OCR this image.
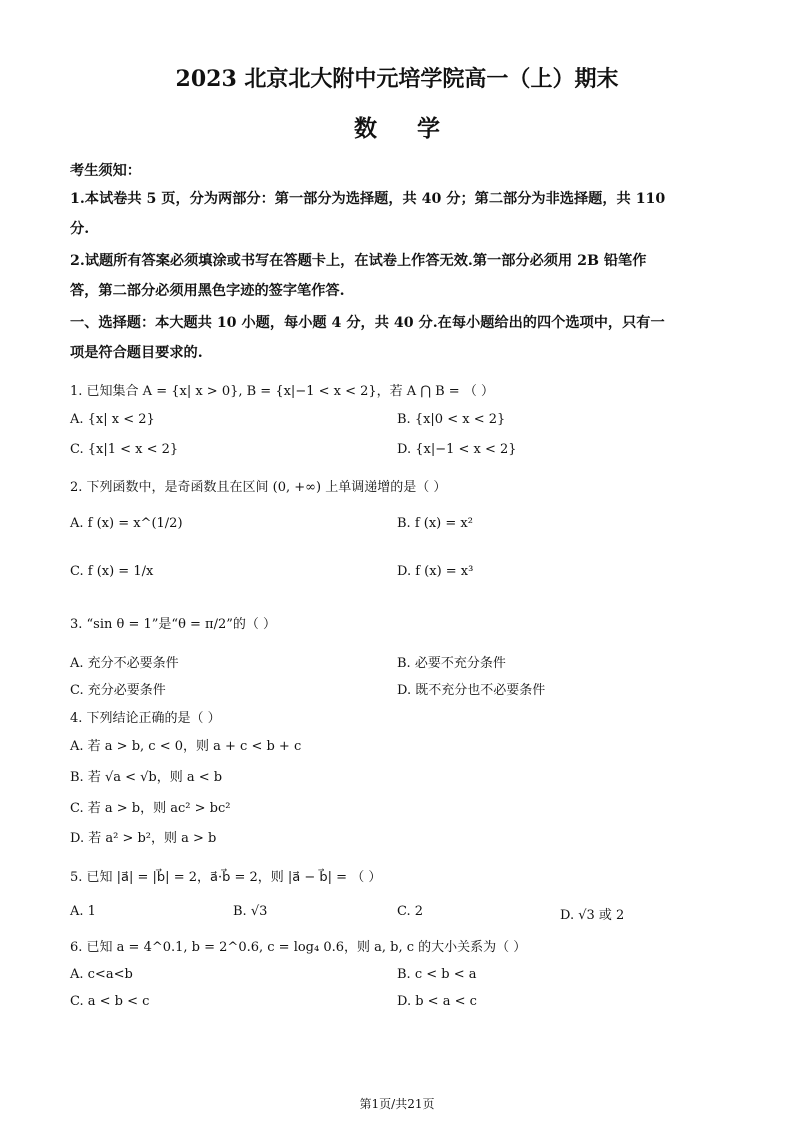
2023 北京北大附中元培学院高一（上）期末
数学
考生须知：
1.本试卷共 5 页，分为两部分：第一部分为选择题，共 40 分；第二部分为非选择题，共 110
分.
2.试题所有答案必须填涂或书写在答题卡上，在试卷上作答无效.第一部分必须用 2B 铅笔作
答，第二部分必须用黑色字迹的签字笔作答.
一、选择题：本大题共 10 小题，每小题 4 分，共 40 分.在每小题给出的四个选项中，只有一
项是符合题目要求的.
1. 已知集合 A = {x| x > 0}, B = {x|−1 < x < 2}，若 A ⋂ B = （ ）
A. {x| x < 2}	B. {x|0 < x < 2}
C. {x|1 < x < 2}	D. {x|−1 < x < 2}
2. 下列函数中，是奇函数且在区间 (0, +∞) 上单调递增的是（ ）
A. f (x) = x^(1/2)	B. f (x) = x²
C. f (x) = 1/x	D. f (x) = x³
3. “sin θ = 1”是“θ = π/2”的（ ）
A. 充分不必要条件	B. 必要不充分条件
C. 充分必要条件	D. 既不充分也不必要条件
4. 下列结论正确的是（ ）
A. 若 a > b, c < 0，则 a + c < b + c
B. 若 √a < √b，则 a < b
C. 若 a > b，则 ac² > bc²
D. 若 a² > b²，则 a > b
5. 已知 |a⃗| = |b⃗| = 2，a⃗·b⃗ = 2，则 |a⃗ − b⃗| = （ ）
A. 1	B. √3	C. 2	D. √3 或 2
6. 已知 a = 4^0.1, b = 2^0.6, c = log₄ 0.6，则 a, b, c 的大小关系为（ ）
A. c<a<b	B. c < b < a
C. a < b < c	D. b < a < c
第1页/共21页
